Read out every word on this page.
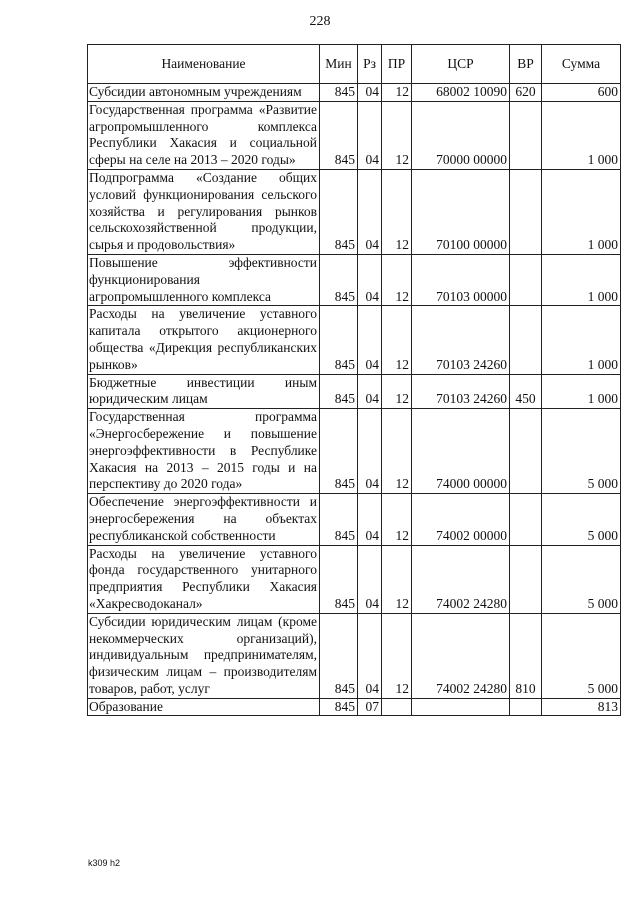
228
Наименование	Мин	Рз	ПР	ЦСР	ВР	Сумма
Субсидии автономным учреждениям	845	04	12	68002 10090	620	600
Государственная программа «Развитие агропромышленного комплекса Республики Хакасия и социальной сферы на селе на 2013 – 2020 годы»	845	04	12	70000 00000		1 000
Подпрограмма «Создание общих условий функционирования сельского хозяйства и регулирования рынков сельскохозяйственной продукции, сырья и продовольствия»	845	04	12	70100 00000		1 000
Повышение эффективности функционирования агропромышленного комплекса	845	04	12	70103 00000		1 000
Расходы на увеличение уставного капитала открытого акционерного общества «Дирекция республиканских рынков»	845	04	12	70103 24260		1 000
Бюджетные инвестиции иным юридическим лицам	845	04	12	70103 24260	450	1 000
Государственная программа «Энергосбережение и повышение энергоэффективности в Республике Хакасия на 2013 – 2015 годы и на перспективу до 2020 года»	845	04	12	74000 00000		5 000
Обеспечение энергоэффективности и энергосбережения на объектах республиканской собственности	845	04	12	74002 00000		5 000
Расходы на увеличение уставного фонда государственного унитарного предприятия Республики Хакасия «Хакресводоканал»	845	04	12	74002 24280		5 000
Субсидии юридическим лицам (кроме некоммерческих организаций), индивидуальным предпринимателям, физическим лицам – производителям товаров, работ, услуг	845	04	12	74002 24280	810	5 000
Образование	845	07				813
k309 h2
